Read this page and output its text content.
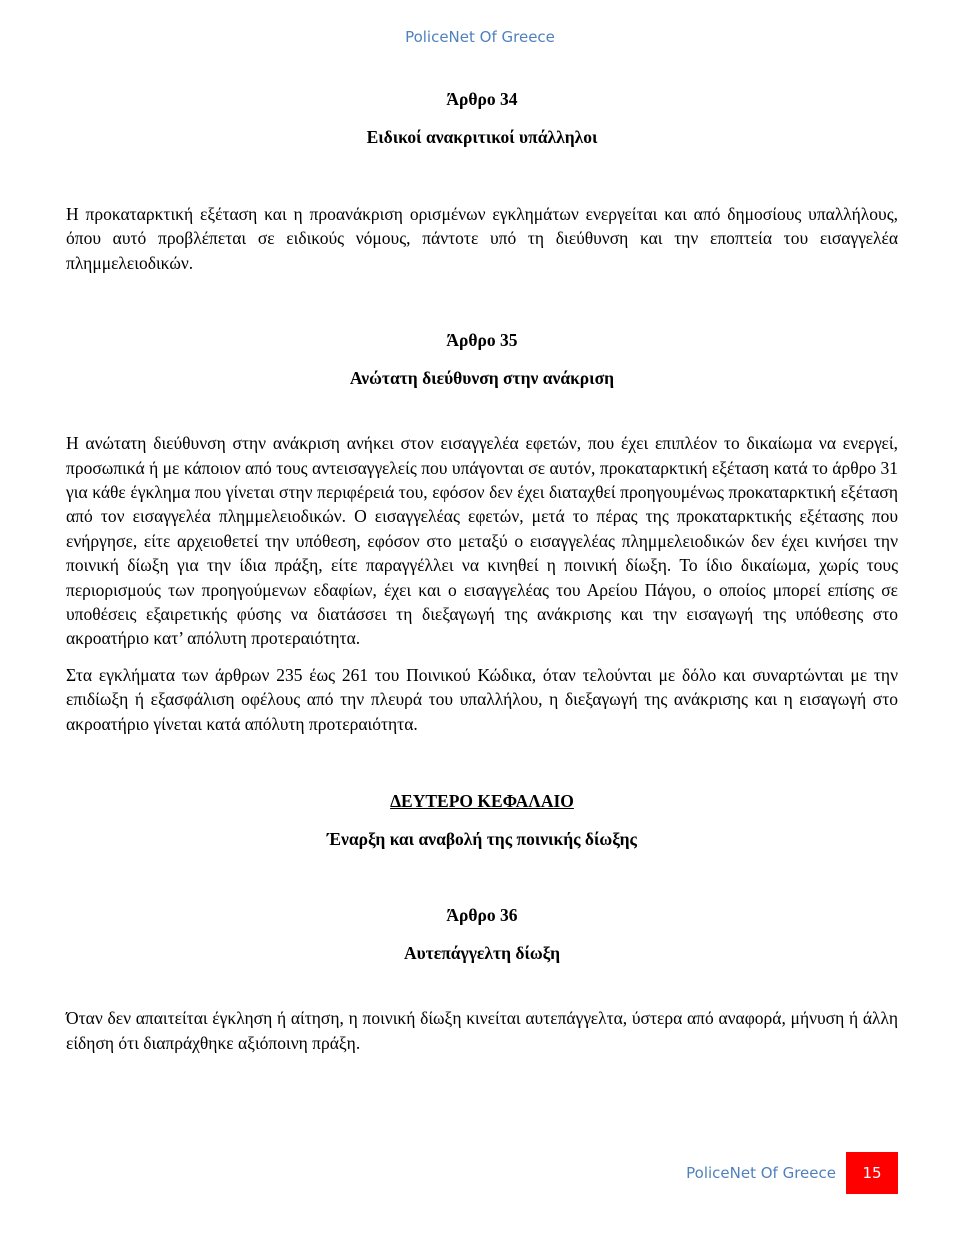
PoliceNet Of Greece
Άρθρο 34
Ειδικοί ανακριτικοί υπάλληλοι

Η προκαταρκτική εξέταση και η προανάκριση ορισμένων εγκλημάτων ενεργείται και από δημοσίους υπαλλήλους, όπου αυτό προβλέπεται σε ειδικούς νόμους, πάντοτε υπό τη διεύθυνση και την εποπτεία του εισαγγελέα πλημμελειοδικών.

Άρθρο 35
Ανώτατη διεύθυνση στην ανάκριση

Η ανώτατη διεύθυνση στην ανάκριση ανήκει στον εισαγγελέα εφετών, που έχει επιπλέον το δικαίωμα να ενεργεί, προσωπικά ή με κάποιον από τους αντεισαγγελείς που υπάγονται σε αυτόν, προκαταρκτική εξέταση κατά το άρθρο 31 για κάθε έγκλημα που γίνεται στην περιφέρειά του, εφόσον δεν έχει διαταχθεί προηγουμένως προκαταρκτική εξέταση από τον εισαγγελέα πλημμελειοδικών. Ο εισαγγελέας εφετών, μετά το πέρας της προκαταρκτικής εξέτασης που ενήργησε, είτε αρχειοθετεί την υπόθεση, εφόσον στο μεταξύ ο εισαγγελέας πλημμελειοδικών δεν έχει κινήσει την ποινική δίωξη για την ίδια πράξη, είτε παραγγέλλει να κινηθεί η ποινική δίωξη. Το ίδιο δικαίωμα, χωρίς τους περιορισμούς των προηγούμενων εδαφίων, έχει και ο εισαγγελέας του Αρείου Πάγου, ο οποίος μπορεί επίσης σε υποθέσεις εξαιρετικής φύσης να διατάσσει τη διεξαγωγή της ανάκρισης και την εισαγωγή της υπόθεσης στο ακροατήριο κατ’ απόλυτη προτεραιότητα.

Στα εγκλήματα των άρθρων 235 έως 261 του Ποινικού Κώδικα, όταν τελούνται με δόλο και συναρτώνται με την επιδίωξη ή εξασφάλιση οφέλους από την πλευρά του υπαλλήλου, η διεξαγωγή της ανάκρισης και η εισαγωγή στο ακροατήριο γίνεται κατά απόλυτη προτεραιότητα.

ΔΕΥΤΕΡΟ ΚΕΦΑΛΑΙΟ
Έναρξη και αναβολή της ποινικής δίωξης
Άρθρο 36
Αυτεπάγγελτη δίωξη

Όταν δεν απαιτείται έγκληση ή αίτηση, η ποινική δίωξη κινείται αυτεπάγγελτα, ύστερα από αναφορά, μήνυση ή άλλη είδηση ότι διαπράχθηκε αξιόποινη πράξη.

PoliceNet Of Greece	15
